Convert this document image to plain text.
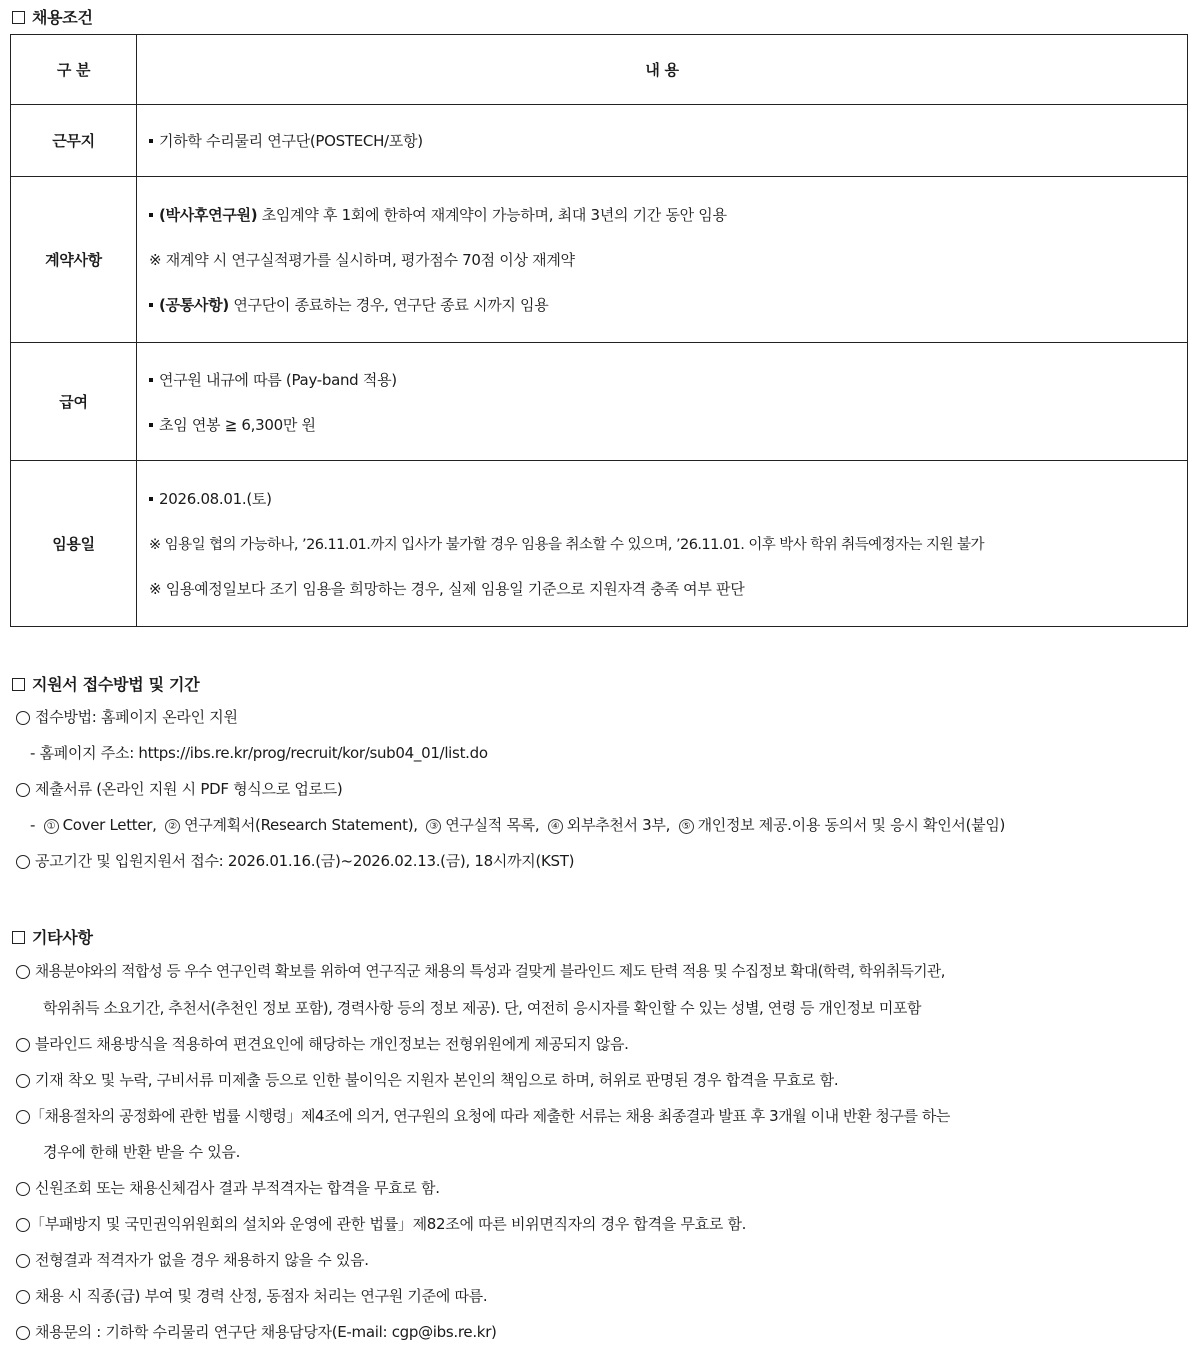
채용조건
구 분	내 용
근무지	기하학 수리물리 연구단(POSTECH/포항)

계약사항	(박사후연구원) 초임계약 후 1회에 한하여 재계약이 가능하며, 최대 3년의 기간 동안 임용
※ 재계약 시 연구실적평가를 실시하며, 평가점수 70점 이상 재계약
(공통사항) 연구단이 종료하는 경우, 연구단 종료 시까지 임용

급여	연구원 내규에 따름 (Pay-band 적용)
초임 연봉 ≧ 6,300만 원

임용일	2026.08.01.(토)
※ 임용일 협의 가능하나, ’26.11.01.까지 입사가 불가할 경우 임용을 취소할 수 있으며, ’26.11.01. 이후 박사 학위 취득예정자는 지원 불가
※ 임용예정일보다 조기 임용을 희망하는 경우, 실제 임용일 기준으로 지원자격 충족 여부 판단
지원서 접수방법 및 기간
접수방법: 홈페이지 온라인 지원
- 홈페이지 주소: https://ibs.re.kr/prog/recruit/kor/sub04_01/list.do
제출서류 (온라인 지원 시 PDF 형식으로 업로드)
- ① Cover Letter, ② 연구계획서(Research Statement), ③ 연구실적 목록, ④ 외부추천서 3부, ⑤ 개인정보 제공.이용 동의서 및 응시 확인서(붙임)
공고기간 및 입원지원서 접수: 2026.01.16.(금)~2026.02.13.(금), 18시까지(KST)
기타사항
채용분야와의 적합성 등 우수 연구인력 확보를 위하여 연구직군 채용의 특성과 걸맞게 블라인드 제도 탄력 적용 및 수집정보 확대(학력, 학위취득기관,
학위취득 소요기간, 추천서(추천인 정보 포함), 경력사항 등의 정보 제공). 단, 여전히 응시자를 확인할 수 있는 성별, 연령 등 개인정보 미포함
블라인드 채용방식을 적용하여 편견요인에 해당하는 개인정보는 전형위원에게 제공되지 않음.
기재 착오 및 누락, 구비서류 미제출 등으로 인한 불이익은 지원자 본인의 책임으로 하며, 허위로 판명된 경우 합격을 무효로 함.
「채용절차의 공정화에 관한 법률 시행령」제4조에 의거, 연구원의 요청에 따라 제출한 서류는 채용 최종결과 발표 후 3개월 이내 반환 청구를 하는
경우에 한해 반환 받을 수 있음.
신원조회 또는 채용신체검사 결과 부적격자는 합격을 무효로 함.
「부패방지 및 국민권익위원회의 설치와 운영에 관한 법률」제82조에 따른 비위면직자의 경우 합격을 무효로 함.
전형결과 적격자가 없을 경우 채용하지 않을 수 있음.
채용 시 직종(급) 부여 및 경력 산정, 동점자 처리는 연구원 기준에 따름.
채용문의 : 기하학 수리물리 연구단 채용담당자(E-mail: cgp@ibs.re.kr)
